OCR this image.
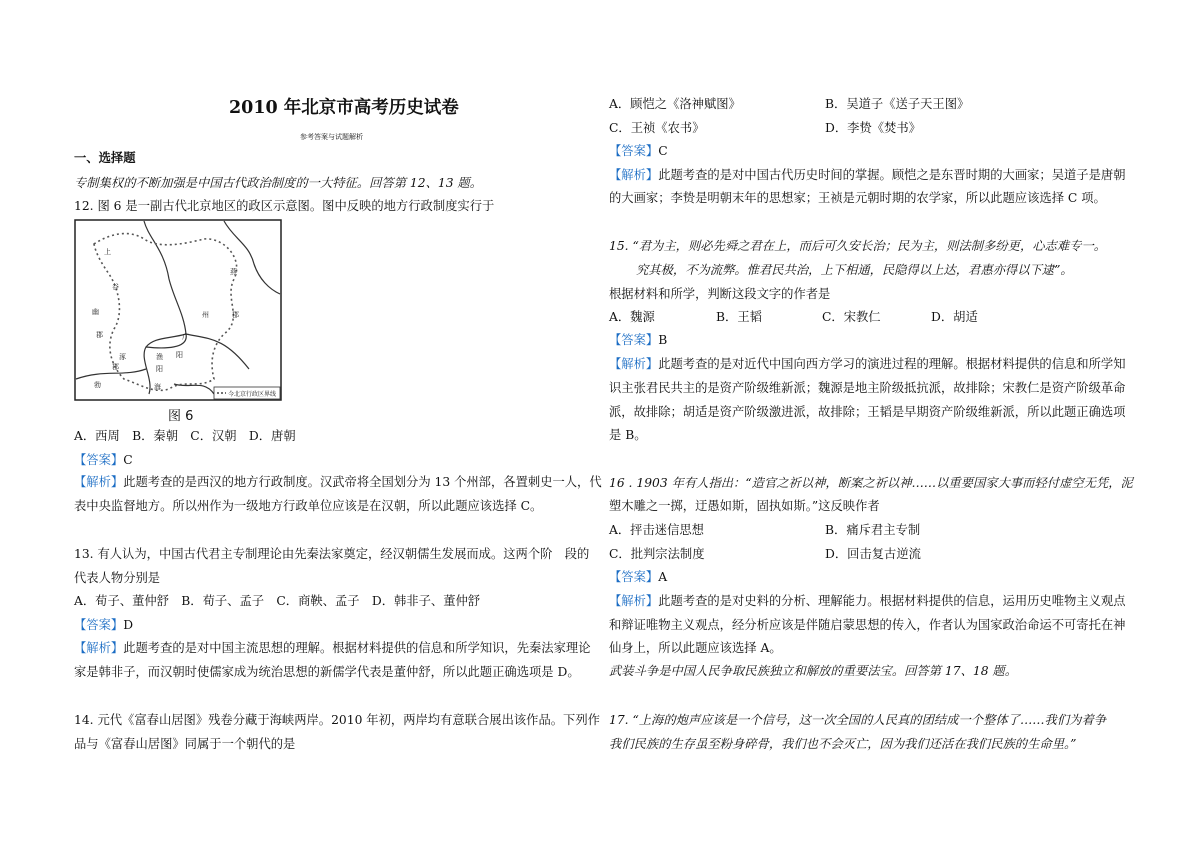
2010 年北京市高考历史试卷
参考答案与试题解析
一、选择题
专制集权的不断加强是中国古代政治制度的一大特征。回答第 12、13 题。
12. 图 6 是一副古代北京地区的政区示意图。图中反映的地方行政制度实行于
今北京行政区界线
上
谷
幽
燕
州
郡
渔
阳
广
阳
郡
涿
郡
勃	海
图 6
A．西周　B．秦朝　C．汉朝　D．唐朝
【答案】C
【解析】此题考查的是西汉的地方行政制度。汉武帝将全国划分为 13 个州部，各置刺史一人，代
表中央监督地方。所以州作为一级地方行政单位应该是在汉朝，所以此题应该选择 C。
13. 有人认为，中国古代君主专制理论由先秦法家奠定，经汉朝儒生发展而成。这两个阶　段的
代表人物分别是
A．荀子、董仲舒　B．荀子、孟子　C．商鞅、孟子　D．韩非子、董仲舒
【答案】D
【解析】此题考查的是对中国主流思想的理解。根据材料提供的信息和所学知识，先秦法家理论
家是韩非子，而汉朝时使儒家成为统治思想的新儒学代表是董仲舒，所以此题正确选项是 D。
14. 元代《富春山居图》残卷分藏于海峡两岸。2010 年初，两岸均有意联合展出该作品。下列作
品与《富春山居图》同属于一个朝代的是
A．顾恺之《洛神赋图》	B．吴道子《送子天王图》
C．王祯《农书》	D．李贽《焚书》
【答案】C
【解析】此题考查的是对中国古代历史时间的掌握。顾恺之是东晋时期的大画家；吴道子是唐朝
的大画家；李贽是明朝末年的思想家；王祯是元朝时期的农学家，所以此题应该选择 C 项。
15. “君为主，则必先舜之君在上，而后可久安长治；民为主，则法制多纷更，心志难专一。
究其极，不为流弊。惟君民共治，上下相通，民隐得以上达，君惠亦得以下逮”。
根据材料和所学，判断这段文字的作者是
A．魏源	B．王韬	C．宋教仁	D．胡适
【答案】B
【解析】此题考查的是对近代中国向西方学习的演进过程的理解。根据材料提供的信息和所学知
识主张君民共主的是资产阶级维新派；魏源是地主阶级抵抗派，故排除；宋教仁是资产阶级革命
派，故排除；胡适是资产阶级激进派，故排除；王韬是早期资产阶级维新派，所以此题正确选项
是 B。
16 . 1903 年有人指出：“造官之祈以神，断案之祈以神……以重要国家大事而轻付虚空无凭，泥
塑木雕之一掷，迂愚如斯，固执如斯。”这反映作者
A．抨击迷信思想	B．痛斥君主专制
C．批判宗法制度	D．回击复古逆流
【答案】A
【解析】此题考查的是对史料的分析、理解能力。根据材料提供的信息，运用历史唯物主义观点
和辩证唯物主义观点，经分析应该是伴随启蒙思想的传入，作者认为国家政治命运不可寄托在神
仙身上，所以此题应该选择 A。
武装斗争是中国人民争取民族独立和解放的重要法宝。回答第 17、18 题。
17. “上海的炮声应该是一个信号，这一次全国的人民真的团结成一个整体了……我们为着争
我们民族的生存虽至粉身碎骨，我们也不会灭亡，因为我们还活在我们民族的生命里。”
